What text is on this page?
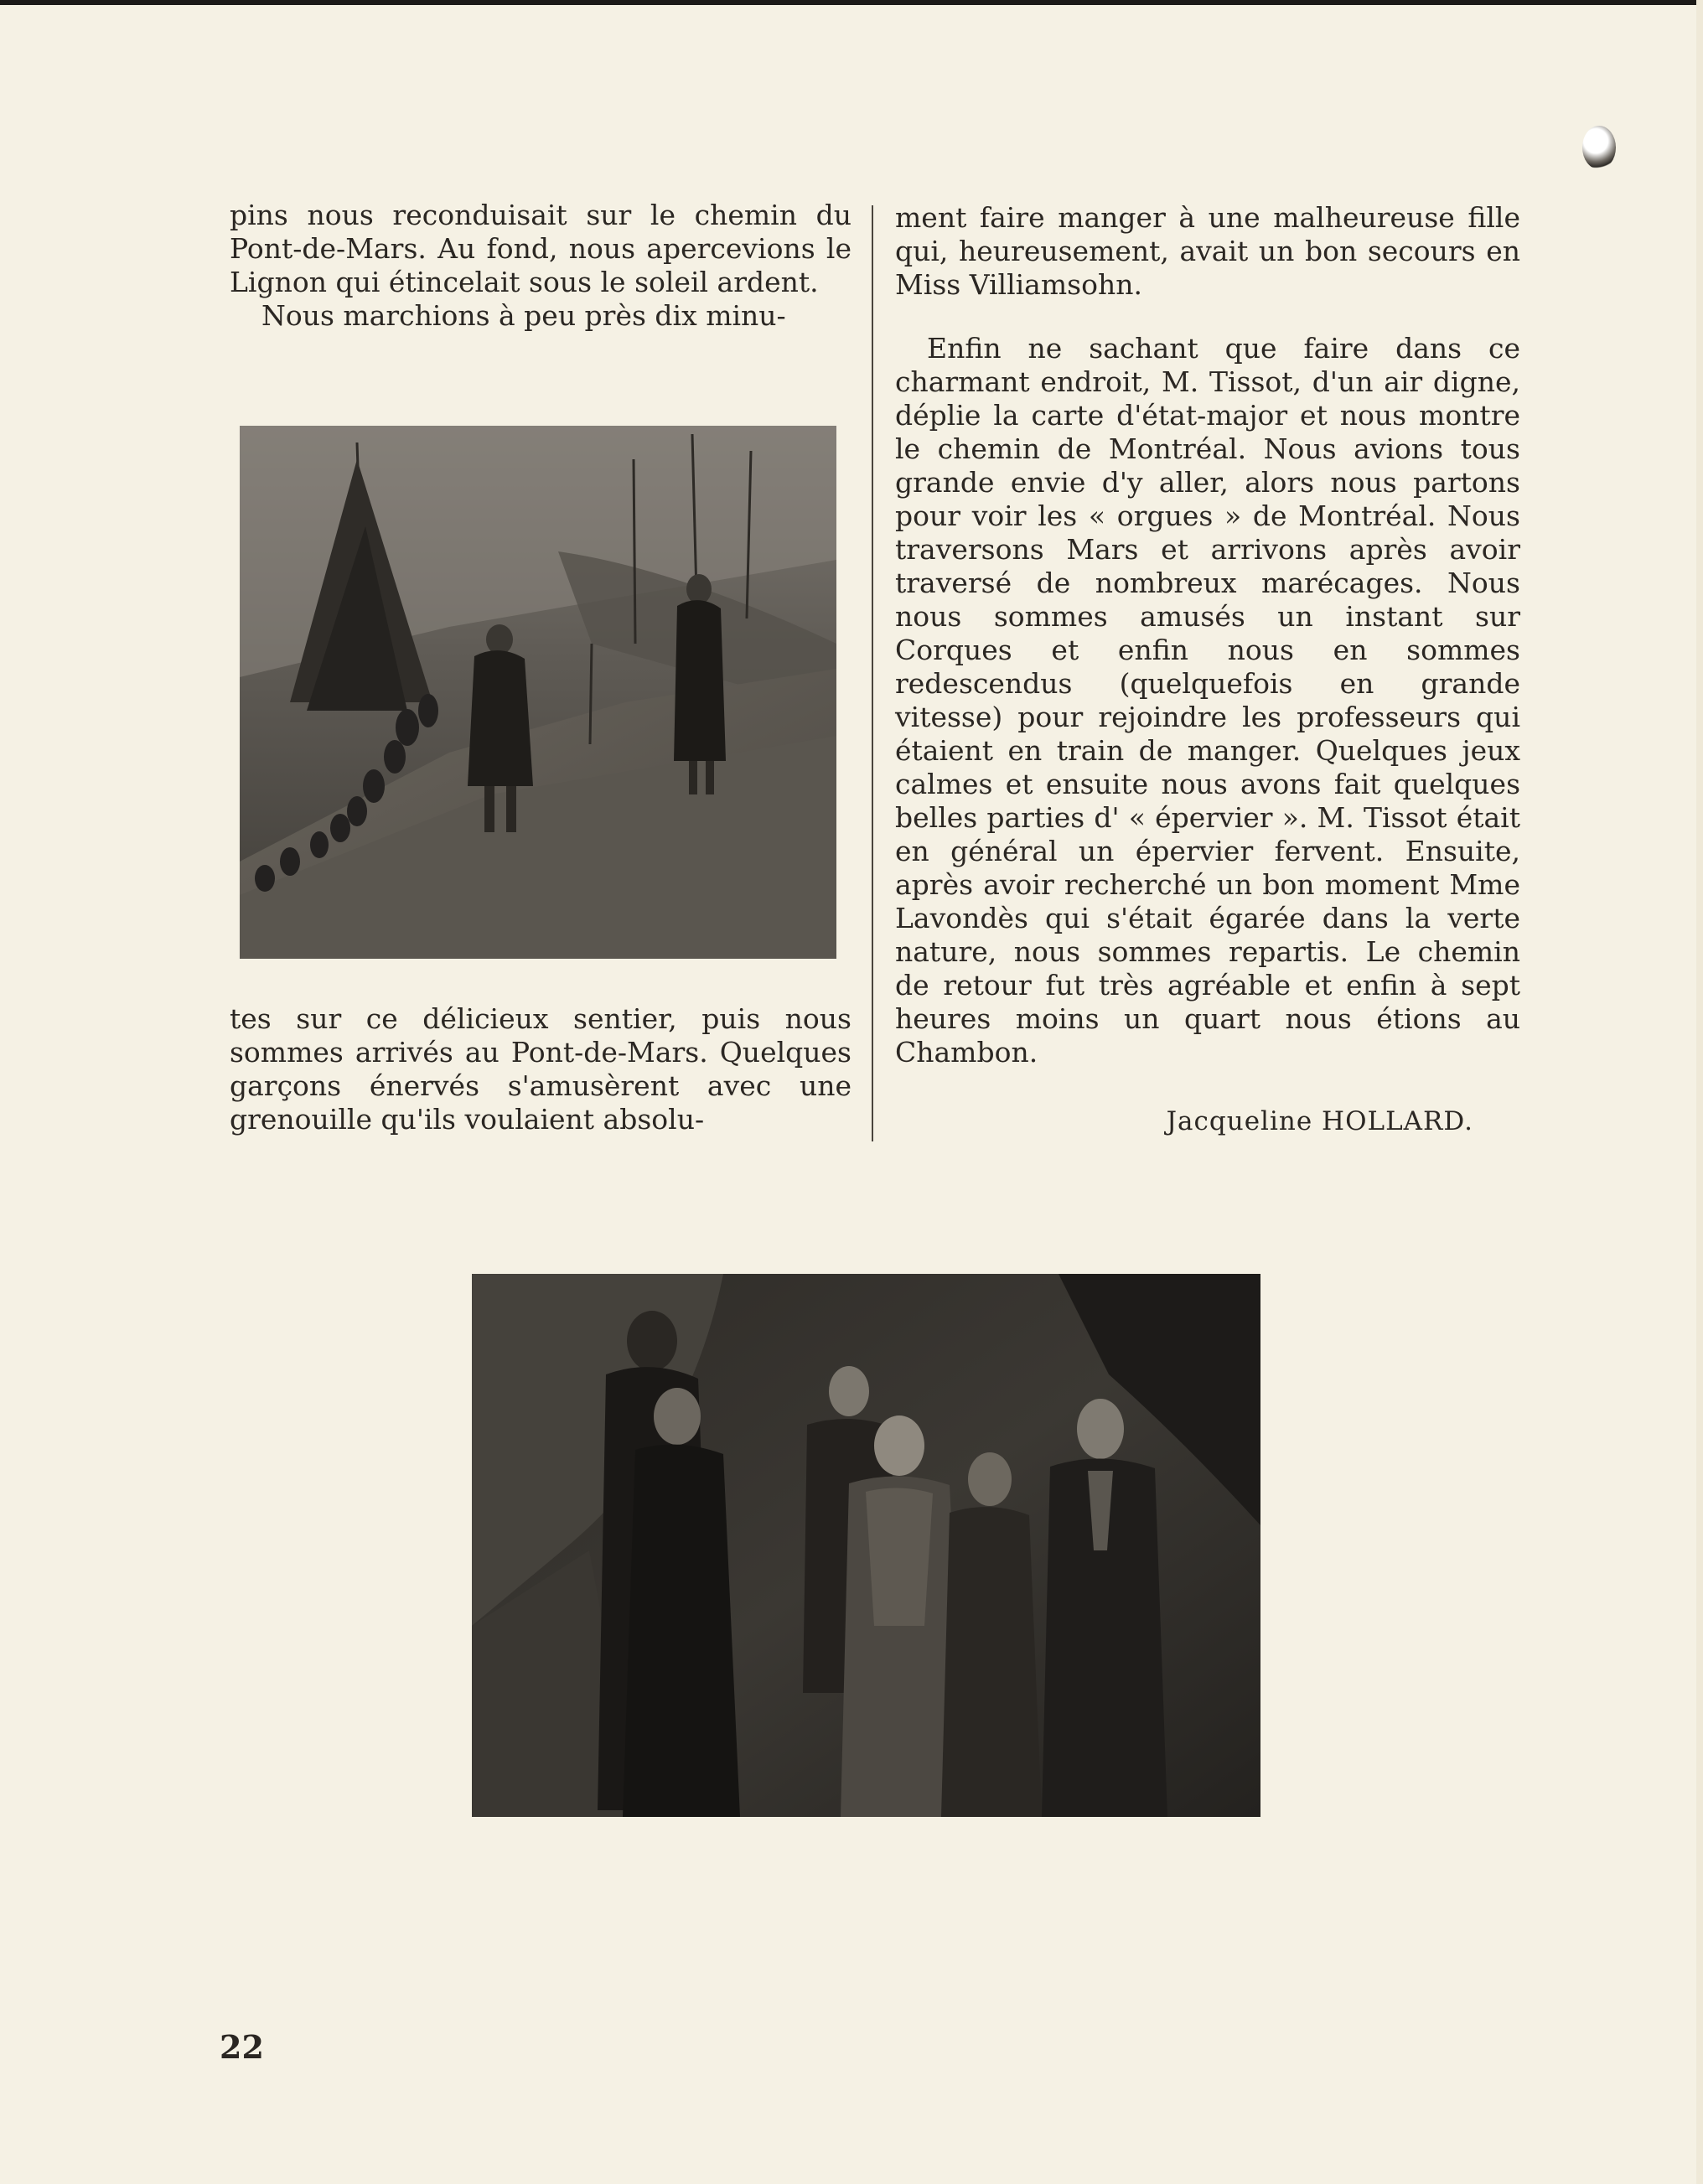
pins nous reconduisait sur le chemin du Pont-de-Mars. Au fond, nous apercevions le Lignon qui étincelait sous le soleil ardent.

Nous marchions à peu près dix minu-

tes sur ce délicieux sentier, puis nous sommes arrivés au Pont-de-Mars. Quelques garçons énervés s'amusèrent avec une grenouille qu'ils voulaient absolu-

ment faire manger à une malheureuse fille qui, heureusement, avait un bon secours en Miss Villiamsohn.

Enfin ne sachant que faire dans ce charmant endroit, M. Tissot, d'un air digne, déplie la carte d'état-major et nous montre le chemin de Montréal. Nous avions tous grande envie d'y aller, alors nous partons pour voir les « orgues » de Montréal. Nous traversons Mars et arrivons après avoir traversé de nombreux marécages. Nous nous sommes amusés un instant sur Corques et enfin nous en sommes redescendus (quelquefois en grande vitesse) pour rejoindre les professeurs qui étaient en train de manger. Quelques jeux calmes et ensuite nous avons fait quelques belles parties d' « épervier ». M. Tissot était en général un épervier fervent. Ensuite, après avoir recherché un bon moment Mme Lavondès qui s'était égarée dans la verte nature, nous sommes repartis. Le chemin de retour fut très agréable et enfin à sept heures moins un quart nous étions au Chambon.

Jacqueline HOLLARD.
22
